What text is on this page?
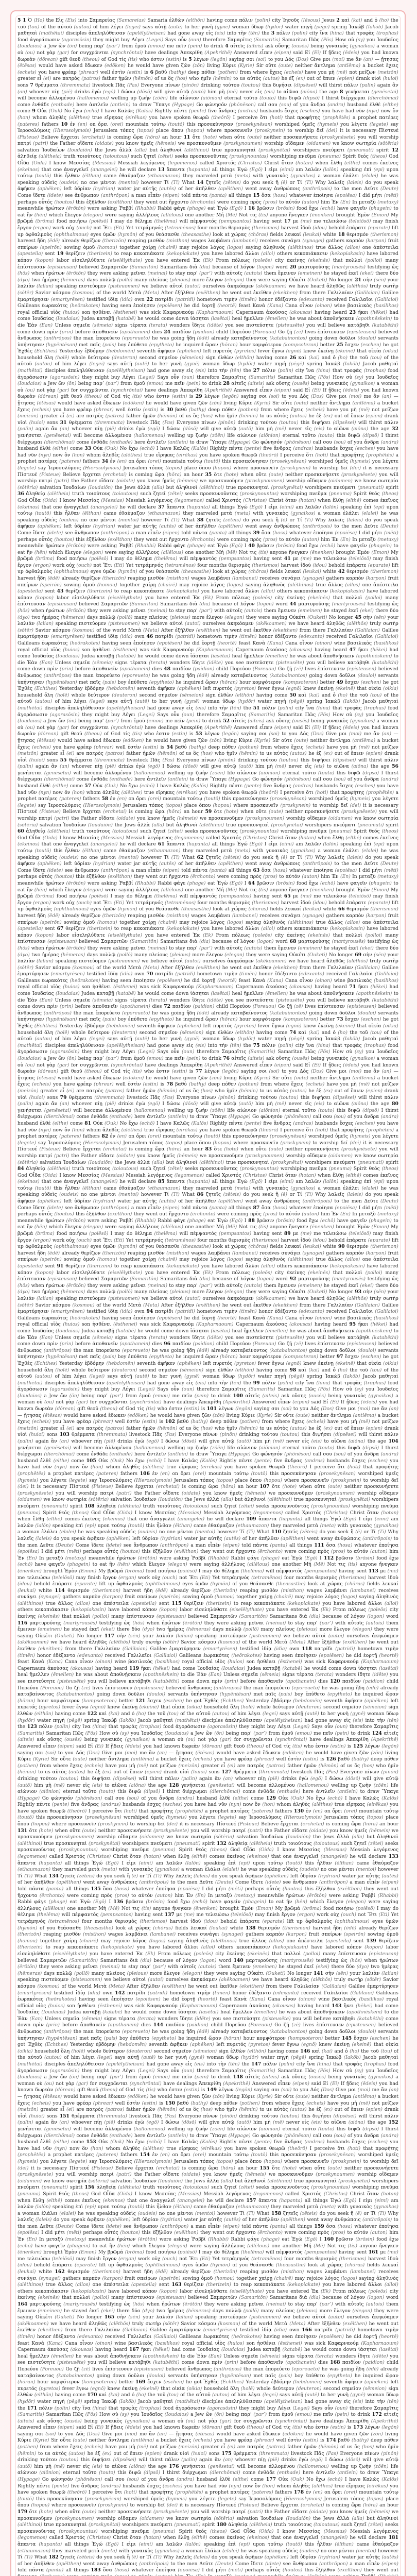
5 1 Ὁ (Ho) the Εἰς (Eis) into Σαμαρείας (Samareias) Samaria ἐλθὼν (elthōn) having come πόλιν (polin) city Ἰησοῦς (Iēsous) Jesus 2 καὶ (kai) and ὁ (ho) the τοῦ (tou) of the αὐτοῦ (autou) of him λέγει (legei) says αὐτῇ (autē) to her γυνὴ (gynē) woman ὕδωρ (hydōr) water πηγὴ (pēgē) spring Ἰακώβ (Iakōb) Jacob μαθηταὶ (mathētai) disciples ἀπεληλύθεισαν (apelēlytheisan) had gone away εἰς (eis) into τὴν (tēn) the 3 πόλιν (polin) city ἵνα (hina) that τροφὰς (trophas) food ἀγοράσωσιν (agorasōsin) they might buy Λέγει (Legei) Says οὖν (oun) therefore Σαμαρῖτις (Samaritis) Samaritan Πῶς (Pōs) How σὺ (sy) you Ἰουδαῖος (Ioudaios) a Jew ὢν (ōn) being παρ’ (par’) from ἐμοῦ (emou) me πεῖν (pein) to drink 4 αἰτεῖς (aiteis) ask οὔσης (ousēs) being γυναικὸς (gynaikos) a woman οὐ (ou) not γὰρ (gar) for συγχρῶνται (synchrōntai) have dealings Ἀπεκρίθη (Apekrithē) Answered εἶπεν (eipen) said Εἰ (Ei) If ᾔδεις (ēdeis) you had known δωρεὰν (dōrean) gift θεοῦ (theou) of God τίς (tis) who ἐστιν (estin) is 5 λέγων (legōn) saying σοι (soi) to you Δός (Dos) Give μοι (moi) me ἂν (an) — ᾔτησας (ētēsas) would have asked ἔδωκεν (edōken) he would have given ζῶν (zōn) living Κύριε (Kyrie) Sir οὔτε (oute) neither ἄντλημα (antlēma) a bucket ἔχεις (echeis) you have φρέαρ (phrear) well ἐστὶν (estin) is 6 βαθύ (bathy) deep πόθεν (pothen) from where ἔχεις (echeis) have you μὴ (mē) not μείζων (meizōn) greater εἶ (ei) are πατρὸς (patros) father ἡμῶν (hēmōn) of us ὃς (hos) who ἡμῖν (hēmin) to us αὐτὸς (autos) he ἐξ (ex) out of ἔπιεν (epien) drank υἱοὶ (huioi) sons 7 θρέμματα (thremmata) livestock Πᾶς (Pas) Everyone πίνων (pinōn) drinking τούτου (toutou) this διψήσει (dipsēsei) will thirst πάλιν (palin) again ἂν (an) whoever πίῃ (piē) drinks ἐγὼ (egō) I δώσω (dōsō) will give αὐτῷ (autō) him μὴ (mē) never εἰς (eis) to αἰῶνα (aiōna) the age 8 γενήσεται (genēsetai) will become ἁλλομένου (hallomenou) welling up ζωὴν (zōēn) life αἰώνιον (aiōnion) eternal τοῦτο (touto) this διψῶ (dipsō) I thirst διέρχωμαι (dierchōmai) come ἐνθάδε (enthade) here ἀντλεῖν (antlein) to draw Ὕπαγε (Hypage) Go φώνησόν (phōnēson) call σου (sou) of you ἄνδρα (andra) husband ἐλθὲ (elthe) come 9 Οὐκ (Ouk) No ἔχω (echō) I have Καλῶς (Kalōs) Rightly πέντε (pente) five ἄνδρας (andras) husbands ἔσχες (esches) you have had νῦν (nyn) now ὃν (hon) whom ἀληθὲς (alēthes) true εἴρηκας (eirēkas) you have spoken θεωρῶ (theōrō) I perceive ὅτι (hoti) that προφήτης (prophētēs) a prophet πατέρες (pateres) fathers 10 ἐν (en) on ὄρει (orei) mountain τούτῳ (toutō) this προσεκύνησαν (prosekynēsan) worshiped ὑμεῖς (hymeis) you λέγετε (legete) say Ἱεροσολύμοις (Hierosolymois) Jerusalem τόπος (topos) place ὅπου (hopou) where προσκυνεῖν (proskynein) to worship δεῖ (dei) it is necessary Πίστευέ (Pisteue) Believe ἔρχεται (erchetai) is coming ὥρα (hōra) an hour 11 ὅτε (hote) when οὔτε (oute) neither προσκυνήσετε (proskynēsete) you will worship πατρί (patri) the Father οἴδατε (oidate) you know ἡμεῖς (hēmeis) we προσκυνοῦμεν (proskynoumen) worship οἴδαμεν (oidamen) we know σωτηρία (sōtēria) salvation Ἰουδαίων (Ioudaiōn) the Jews ἀλλὰ (alla) but ἀληθινοὶ (alēthinoi) true προσκυνηταὶ (proskynētai) worshipers πνεύματι (pneumati) spirit 12 ἀληθείᾳ (alētheia) truth τοιούτους (toioutous) such ζητεῖ (zētei) seeks προσκυνοῦντας (proskynountas) worshiping πνεῦμα (pneuma) Spirit θεός (theos) God Οἶδα (Oida) I know Μεσσίας (Messias) Messiah λεγόμενος (legomenos) called Χριστός (Christos) Christ ὅταν (hotan) when ἔλθῃ (elthē) comes ἐκεῖνος (ekeinos) that one ἀναγγελεῖ (anangelei) he will declare 13 ἅπαντα (hapanta) all things Ἐγώ (Egō) I εἰμι (eimi) am λαλῶν (lalōn) speaking ἐπὶ (epi) upon τούτῳ (toutō) this ἦλθαν (ēlthan) came ἐθαύμαζον (ethaumazon) they marveled μετὰ (meta) with γυναικὸς (gynaikos) a woman ἐλάλει (elalei) he was speaking οὐδεὶς (oudeis) no one μέντοι (mentoi) however Τί (Ti) What 14 ζητεῖς (zēteis) do you seek ἢ (ē) or Τί (Ti) Why λαλεῖς (laleis) do you speak ἀφῆκεν (aphēken) left ὑδρίαν (hydrian) water jar αὐτῆς (autēs) of her ἀπῆλθεν (apēlthen) went away ἀνθρώποις (anthrōpois) to the men Δεῦτε (Deute) Come ἴδετε (idete) see ἄνθρωπον (anthrōpon) a man εἶπέν (eipen) told πάντα (panta) all things 15 ὅσα (hosa) whatever ἐποίησα (epoiēsa) I did μήτι (mēti) perhaps οὗτός (houtos) this ἐξῆλθον (exēlthon) they went out ἤρχοντο (ērchonto) were coming πρὸς (pros) to αὐτόν (auton) him Ἐν (En) In μεταξὺ (metaxy) meanwhile ἠρώτων (ērōtōn) were asking Ῥαββί (Rhabbi) Rabbi φάγε (phage) eat Ἐγὼ (Egō) I 16 βρῶσιν (brōsin) food ἔχω (echō) have φαγεῖν (phagein) to eat ἣν (hēn) which ἔλεγον (elegon) were saying ἀλλήλους (allēlous) one another Μή (Mē) Not τις (tis) anyone ἤνεγκεν (ēnenken) brought Ἐμὸν (Emon) My βρῶμά (brōma) food ποιήσω (poiēsō) I may do θέλημα (thelēma) will πέμψαντός (pempsantos) having sent 17 με (me) me τελειώσω (teleiōsō) may finish ἔργον (ergon) work οὐχ (ouch) not Ἔτι (Eti) Yet τετράμηνός (tetramēnos) four months θερισμὸς (therismos) harvest ἰδοὺ (idou) behold ἐπάρατε (eparate) lift up ὀφθαλμοὺς (ophthalmous) eyes ὑμῶν (hymōn) of you θεάσασθε (theasasthe) look at χώρας (chōras) fields λευκαί (leukai) white 18 θερισμόν (therismon) harvest ἤδη (ēdē) already θερίζων (therizōn) reaping μισθὸν (misthon) wages λαμβάνει (lambanei) receives συνάγει (synagei) gathers καρπὸν (karpon) fruit σπείρων (speirōn) sowing ὁμοῦ (homou) together χαίρῃ (chairē) may rejoice λόγος (logos) saying ἀληθινὸς (alēthinos) true ἄλλος (allos) one ἀπέστειλα (apesteila) sent 19 θερίζειν (therizein) to reap κεκοπιάκατε (kekopiakate) you have labored ἄλλοι (alloi) others κεκοπιάκασιν (kekopiakasin) have labored κόπον (kopon) labor εἰσεληλύθατε (eiselēlythate) you have entered Ἐκ (Ek) From πόλεως (poleōs) city ἐκείνης (ekeinēs) that πολλοὶ (polloi) many ἐπίστευσαν (episteusan) believed Σαμαριτῶν (Samaritōn) Samaritans διὰ (dia) because of λόγον (logon) word 20 μαρτυρούσης (martyrousēs) testifying ὡς (hōs) when ἠρώτων (ērōtōn) they were asking μεῖναι (meinai) to stay παρ’ (par’) with αὐτοῖς (autois) them ἔμεινεν (emeinen) he stayed ἐκεῖ (ekei) there δύο (dyo) two ἡμέρας (hēmeras) days πολλῷ (pollō) many πλείους (pleious) more ἔλεγον (elegon) they were saying Οὐκέτι (Ouketi) No longer 21 σὴν (sēn) your λαλιὰν (lalian) speaking πιστεύομεν (pisteuomen) we believe αὐτοὶ (autoi) ourselves ἀκηκόαμεν (akēkoamen) we have heard ἀληθῶς (alēthōs) truly σωτὴρ (sōtēr) Savior κόσμου (kosmou) of the world Μετὰ (Meta) After ἐξῆλθεν (exēlthen) he went out ἐκεῖθεν (ekeithen) from there Γαλιλαίαν (Galilaian) Galilee ἐμαρτύρησεν (emartyrēsen) testified ἰδίᾳ (idia) own 22 πατρίδι (patridi) hometown τιμὴν (timēn) honor ἐδέξαντο (edexanto) received Γαλιλαῖοι (Galilaioi) Galileans ἑωρακότες (heōrakotes) having seen ἐποίησεν (epoiēsen) he did ἑορτῇ (heortē) feast Κανὰ (Kana) Cana οἶνον (oinon) wine βασιλικὸς (basilikos) royal official υἱὸς (huios) son ἠσθένει (ēsthenei) was sick Καφαρναούμ (Kapharnaoum) Capernaum ἀκούσας (akousas) having heard 23 ἥκει (hēkei) had come Ἰουδαίας (Ioudaias) Judea καταβῇ (katabē) he would come down ἰάσηται (iasētai) heal ἤμελλεν (ēmellen) he was about ἀποθνῄσκειν (apothnēskein) to die Ἐὰν (Ean) Unless σημεῖα (sēmeia) signs τέρατα (terata) wonders ἴδητε (idēte) you see πιστεύσητε (pisteusēte) you will believe κατάβηθι (katabēthi) come down πρὶν (prin) before ἀποθανεῖν (apothanein) dies 24 παιδίον (paidion) child Πορεύου (Poreuou) Go ζῇ (zē) lives ἐπίστευσεν (episteusen) believed ἄνθρωπος (anthrōpos) the man ἐπορεύετο (eporeueto) he was going ἤδη (ēdē) already καταβαίνοντος (katabainontos) going down δοῦλοι (douloi) servants ὑπήντησαν (hypēntēsan) met παῖς (pais) boy ἐπύθετο (epytheto) he inquired ὥραν (hōran) hour κομψότερον (kompsoteron) better 25 ἔσχεν (eschen) he got Ἐχθὲς (Echthes) Yesterday ἑβδόμην (hebdomēn) seventh ἀφῆκεν (aphēken) left πυρετός (pyretos) fever ἔγνω (egnō) knew ἐκείνῃ (ekeinē) that οἰκία (oikia) household ὅλη (holē) whole δεύτερον (deuteron) second σημεῖον (sēmeion) sign ἐλθὼν (elthōn) having come 26 καὶ (kai) and ὁ (ho) the τοῦ (tou) of the αὐτοῦ (autou) of him λέγει (legei) says αὐτῇ (autē) to her γυνὴ (gynē) woman ὕδωρ (hydōr) water πηγὴ (pēgē) spring Ἰακώβ (Iakōb) Jacob μαθηταὶ (mathētai) disciples ἀπεληλύθεισαν (apelēlytheisan) had gone away εἰς (eis) into τὴν (tēn) the 27 πόλιν (polin) city ἵνα (hina) that τροφὰς (trophas) food ἀγοράσωσιν (agorasōsin) they might buy Λέγει (Legei) Says οὖν (oun) therefore Σαμαρῖτις (Samaritis) Samaritan Πῶς (Pōs) How σὺ (sy) you Ἰουδαῖος (Ioudaios) a Jew ὢν (ōn) being παρ’ (par’) from ἐμοῦ (emou) me πεῖν (pein) to drink 28 αἰτεῖς (aiteis) ask οὔσης (ousēs) being γυναικὸς (gynaikos) a woman οὐ (ou) not γὰρ (gar) for συγχρῶνται (synchrōntai) have dealings Ἀπεκρίθη (Apekrithē) Answered εἶπεν (eipen) said Εἰ (Ei) If ᾔδεις (ēdeis) you had known δωρεὰν (dōrean) gift θεοῦ (theou) of God τίς (tis) who ἐστιν (estin) is 29 λέγων (legōn) saying σοι (soi) to you Δός (Dos) Give μοι (moi) me ἂν (an) — ᾔτησας (ētēsas) would have asked ἔδωκεν (edōken) he would have given ζῶν (zōn) living Κύριε (Kyrie) Sir οὔτε (oute) neither ἄντλημα (antlēma) a bucket ἔχεις (echeis) you have φρέαρ (phrear) well ἐστὶν (estin) is 30 βαθύ (bathy) deep πόθεν (pothen) from where ἔχεις (echeis) have you μὴ (mē) not μείζων (meizōn) greater εἶ (ei) are πατρὸς (patros) father ἡμῶν (hēmōn) of us ὃς (hos) who ἡμῖν (hēmin) to us αὐτὸς (autos) he ἐξ (ex) out of ἔπιεν (epien) drank υἱοὶ (huioi) sons 31 θρέμματα (thremmata) livestock Πᾶς (Pas) Everyone πίνων (pinōn) drinking τούτου (toutou) this διψήσει (dipsēsei) will thirst πάλιν (palin) again ἂν (an) whoever πίῃ (piē) drinks ἐγὼ (egō) I δώσω (dōsō) will give αὐτῷ (autō) him μὴ (mē) never εἰς (eis) to αἰῶνα (aiōna) the age 32 γενήσεται (genēsetai) will become ἁλλομένου (hallomenou) welling up ζωὴν (zōēn) life αἰώνιον (aiōnion) eternal τοῦτο (touto) this διψῶ (dipsō) I thirst διέρχωμαι (dierchōmai) come ἐνθάδε (enthade) here ἀντλεῖν (antlein) to draw Ὕπαγε (Hypage) Go φώνησόν (phōnēson) call σου (sou) of you ἄνδρα (andra) husband ἐλθὲ (elthe) come 33 Οὐκ (Ouk) No ἔχω (echō) I have Καλῶς (Kalōs) Rightly πέντε (pente) five ἄνδρας (andras) husbands ἔσχες (esches) you have had νῦν (nyn) now ὃν (hon) whom ἀληθὲς (alēthes) true εἴρηκας (eirēkas) you have spoken θεωρῶ (theōrō) I perceive ὅτι (hoti) that προφήτης (prophētēs) a prophet πατέρες (pateres) fathers 34 ἐν (en) on ὄρει (orei) mountain τούτῳ (toutō) this προσεκύνησαν (prosekynēsan) worshiped ὑμεῖς (hymeis) you λέγετε (legete) say Ἱεροσολύμοις (Hierosolymois) Jerusalem τόπος (topos) place ὅπου (hopou) where προσκυνεῖν (proskynein) to worship δεῖ (dei) it is necessary Πίστευέ (Pisteue) Believe ἔρχεται (erchetai) is coming ὥρα (hōra) an hour 35 ὅτε (hote) when οὔτε (oute) neither προσκυνήσετε (proskynēsete) you will worship πατρί (patri) the Father οἴδατε (oidate) you know ἡμεῖς (hēmeis) we προσκυνοῦμεν (proskynoumen) worship οἴδαμεν (oidamen) we know σωτηρία (sōtēria) salvation Ἰουδαίων (Ioudaiōn) the Jews ἀλλὰ (alla) but ἀληθινοὶ (alēthinoi) true προσκυνηταὶ (proskynētai) worshipers πνεύματι (pneumati) spirit 36 ἀληθείᾳ (alētheia) truth τοιούτους (toioutous) such ζητεῖ (zētei) seeks προσκυνοῦντας (proskynountas) worshiping πνεῦμα (pneuma) Spirit θεός (theos) God Οἶδα (Oida) I know Μεσσίας (Messias) Messiah λεγόμενος (legomenos) called Χριστός (Christos) Christ ὅταν (hotan) when ἔλθῃ (elthē) comes ἐκεῖνος (ekeinos) that one ἀναγγελεῖ (anangelei) he will declare 37 ἅπαντα (hapanta) all things Ἐγώ (Egō) I εἰμι (eimi) am λαλῶν (lalōn) speaking ἐπὶ (epi) upon τούτῳ (toutō) this ἦλθαν (ēlthan) came ἐθαύμαζον (ethaumazon) they marveled μετὰ (meta) with γυναικὸς (gynaikos) a woman ἐλάλει (elalei) he was speaking οὐδεὶς (oudeis) no one μέντοι (mentoi) however Τί (Ti) What 38 ζητεῖς (zēteis) do you seek ἢ (ē) or Τί (Ti) Why λαλεῖς (laleis) do you speak ἀφῆκεν (aphēken) left ὑδρίαν (hydrian) water jar αὐτῆς (autēs) of her ἀπῆλθεν (apēlthen) went away ἀνθρώποις (anthrōpois) to the men Δεῦτε (Deute) Come ἴδετε (idete) see ἄνθρωπον (anthrōpon) a man εἶπέν (eipen) told πάντα (panta) all things 39 ὅσα (hosa) whatever ἐποίησα (epoiēsa) I did μήτι (mēti) perhaps οὗτός (houtos) this ἐξῆλθον (exēlthon) they went out ἤρχοντο (ērchonto) were coming πρὸς (pros) to αὐτόν (auton) him Ἐν (En) In μεταξὺ (metaxy) meanwhile ἠρώτων (ērōtōn) were asking Ῥαββί (Rhabbi) Rabbi φάγε (phage) eat Ἐγὼ (Egō) I 40 βρῶσιν (brōsin) food ἔχω (echō) have φαγεῖν (phagein) to eat ἣν (hēn) which ἔλεγον (elegon) were saying ἀλλήλους (allēlous) one another Μή (Mē) Not τις (tis) anyone ἤνεγκεν (ēnenken) brought Ἐμὸν (Emon) My βρῶμά (brōma) food ποιήσω (poiēsō) I may do θέλημα (thelēma) will πέμψαντός (pempsantos) having sent 41 με (me) me τελειώσω (teleiōsō) may finish ἔργον (ergon) work οὐχ (ouch) not Ἔτι (Eti) Yet τετράμηνός (tetramēnos) four months θερισμὸς (therismos) harvest ἰδοὺ (idou) behold ἐπάρατε (eparate) lift up ὀφθαλμοὺς (ophthalmous) eyes ὑμῶν (hymōn) of you θεάσασθε (theasasthe) look at χώρας (chōras) fields λευκαί (leukai) white 42 θερισμόν (therismon) harvest ἤδη (ēdē) already θερίζων (therizōn) reaping μισθὸν (misthon) wages λαμβάνει (lambanei) receives συνάγει (synagei) gathers καρπὸν (karpon) fruit σπείρων (speirōn) sowing ὁμοῦ (homou) together χαίρῃ (chairē) may rejoice λόγος (logos) saying ἀληθινὸς (alēthinos) true ἄλλος (allos) one ἀπέστειλα (apesteila) sent 43 θερίζειν (therizein) to reap κεκοπιάκατε (kekopiakate) you have labored ἄλλοι (alloi) others κεκοπιάκασιν (kekopiakasin) have labored κόπον (kopon) labor εἰσεληλύθατε (eiselēlythate) you have entered Ἐκ (Ek) From πόλεως (poleōs) city ἐκείνης (ekeinēs) that πολλοὶ (polloi) many ἐπίστευσαν (episteusan) believed Σαμαριτῶν (Samaritōn) Samaritans διὰ (dia) because of λόγον (logon) word 44 μαρτυρούσης (martyrousēs) testifying ὡς (hōs) when ἠρώτων (ērōtōn) they were asking μεῖναι (meinai) to stay παρ’ (par’) with αὐτοῖς (autois) them ἔμεινεν (emeinen) he stayed ἐκεῖ (ekei) there δύο (dyo) two ἡμέρας (hēmeras) days πολλῷ (pollō) many πλείους (pleious) more ἔλεγον (elegon) they were saying Οὐκέτι (Ouketi) No longer 45 σὴν (sēn) your λαλιὰν (lalian) speaking πιστεύομεν (pisteuomen) we believe αὐτοὶ (autoi) ourselves ἀκηκόαμεν (akēkoamen) we have heard ἀληθῶς (alēthōs) truly σωτὴρ (sōtēr) Savior κόσμου (kosmou) of the world Μετὰ (Meta) After ἐξῆλθεν (exēlthen) he went out ἐκεῖθεν (ekeithen) from there Γαλιλαίαν (Galilaian) Galilee ἐμαρτύρησεν (emartyrēsen) testified ἰδίᾳ (idia) own 46 πατρίδι (patridi) hometown τιμὴν (timēn) honor ἐδέξαντο (edexanto) received Γαλιλαῖοι (Galilaioi) Galileans ἑωρακότες (heōrakotes) having seen ἐποίησεν (epoiēsen) he did ἑορτῇ (heortē) feast Κανὰ (Kana) Cana οἶνον (oinon) wine βασιλικὸς (basilikos) royal official υἱὸς (huios) son ἠσθένει (ēsthenei) was sick Καφαρναούμ (Kapharnaoum) Capernaum ἀκούσας (akousas) having heard 47 ἥκει (hēkei) had come Ἰουδαίας (Ioudaias) Judea καταβῇ (katabē) he would come down ἰάσηται (iasētai) heal ἤμελλεν (ēmellen) he was about ἀποθνῄσκειν (apothnēskein) to die Ἐὰν (Ean) Unless σημεῖα (sēmeia) signs τέρατα (terata) wonders ἴδητε (idēte) you see πιστεύσητε (pisteusēte) you will believe κατάβηθι (katabēthi) come down πρὶν (prin) before ἀποθανεῖν (apothanein) dies 48 παιδίον (paidion) child Πορεύου (Poreuou) Go ζῇ (zē) lives ἐπίστευσεν (episteusen) believed ἄνθρωπος (anthrōpos) the man ἐπορεύετο (eporeueto) he was going ἤδη (ēdē) already καταβαίνοντος (katabainontos) going down δοῦλοι (douloi) servants ὑπήντησαν (hypēntēsan) met παῖς (pais) boy ἐπύθετο (epytheto) he inquired ὥραν (hōran) hour κομψότερον (kompsoteron) better 49 ἔσχεν (eschen) he got Ἐχθὲς (Echthes) Yesterday ἑβδόμην (hebdomēn) seventh ἀφῆκεν (aphēken) left πυρετός (pyretos) fever ἔγνω (egnō) knew ἐκείνῃ (ekeinē) that οἰκία (oikia) household ὅλη (holē) whole δεύτερον (deuteron) second σημεῖον (sēmeion) sign ἐλθὼν (elthōn) having come 50 καὶ (kai) and ὁ (ho) the τοῦ (tou) of the αὐτοῦ (autou) of him λέγει (legei) says αὐτῇ (autē) to her γυνὴ (gynē) woman ὕδωρ (hydōr) water πηγὴ (pēgē) spring Ἰακώβ (Iakōb) Jacob μαθηταὶ (mathētai) disciples ἀπεληλύθεισαν (apelēlytheisan) had gone away εἰς (eis) into τὴν (tēn) the 51 πόλιν (polin) city ἵνα (hina) that τροφὰς (trophas) food ἀγοράσωσιν (agorasōsin) they might buy Λέγει (Legei) Says οὖν (oun) therefore Σαμαρῖτις (Samaritis) Samaritan Πῶς (Pōs) How σὺ (sy) you Ἰουδαῖος (Ioudaios) a Jew ὢν (ōn) being παρ’ (par’) from ἐμοῦ (emou) me πεῖν (pein) to drink 52 αἰτεῖς (aiteis) ask οὔσης (ousēs) being γυναικὸς (gynaikos) a woman οὐ (ou) not γὰρ (gar) for συγχρῶνται (synchrōntai) have dealings Ἀπεκρίθη (Apekrithē) Answered εἶπεν (eipen) said Εἰ (Ei) If ᾔδεις (ēdeis) you had known δωρεὰν (dōrean) gift θεοῦ (theou) of God τίς (tis) who ἐστιν (estin) is 53 λέγων (legōn) saying σοι (soi) to you Δός (Dos) Give μοι (moi) me ἂν (an) — ᾔτησας (ētēsas) would have asked ἔδωκεν (edōken) he would have given ζῶν (zōn) living Κύριε (Kyrie) Sir οὔτε (oute) neither ἄντλημα (antlēma) a bucket ἔχεις (echeis) you have φρέαρ (phrear) well ἐστὶν (estin) is 54 βαθύ (bathy) deep πόθεν (pothen) from where ἔχεις (echeis) have you μὴ (mē) not μείζων (meizōn) greater εἶ (ei) are πατρὸς (patros) father ἡμῶν (hēmōn) of us ὃς (hos) who ἡμῖν (hēmin) to us αὐτὸς (autos) he ἐξ (ex) out of ἔπιεν (epien) drank υἱοὶ (huioi) sons 55 θρέμματα (thremmata) livestock Πᾶς (Pas) Everyone πίνων (pinōn) drinking τούτου (toutou) this διψήσει (dipsēsei) will thirst πάλιν (palin) again ἂν (an) whoever πίῃ (piē) drinks ἐγὼ (egō) I δώσω (dōsō) will give αὐτῷ (autō) him μὴ (mē) never εἰς (eis) to αἰῶνα (aiōna) the age 56 γενήσεται (genēsetai) will become ἁλλομένου (hallomenou) welling up ζωὴν (zōēn) life αἰώνιον (aiōnion) eternal τοῦτο (touto) this διψῶ (dipsō) I thirst διέρχωμαι (dierchōmai) come ἐνθάδε (enthade) here ἀντλεῖν (antlein) to draw Ὕπαγε (Hypage) Go φώνησόν (phōnēson) call σου (sou) of you ἄνδρα (andra) husband ἐλθὲ (elthe) come 57 Οὐκ (Ouk) No ἔχω (echō) I have Καλῶς (Kalōs) Rightly πέντε (pente) five ἄνδρας (andras) husbands ἔσχες (esches) you have had νῦν (nyn) now ὃν (hon) whom ἀληθὲς (alēthes) true εἴρηκας (eirēkas) you have spoken θεωρῶ (theōrō) I perceive ὅτι (hoti) that προφήτης (prophētēs) a prophet πατέρες (pateres) fathers 58 ἐν (en) on ὄρει (orei) mountain τούτῳ (toutō) this προσεκύνησαν (prosekynēsan) worshiped ὑμεῖς (hymeis) you λέγετε (legete) say Ἱεροσολύμοις (Hierosolymois) Jerusalem τόπος (topos) place ὅπου (hopou) where προσκυνεῖν (proskynein) to worship δεῖ (dei) it is necessary Πίστευέ (Pisteue) Believe ἔρχεται (erchetai) is coming ὥρα (hōra) an hour 59 ὅτε (hote) when οὔτε (oute) neither προσκυνήσετε (proskynēsete) you will worship πατρί (patri) the Father οἴδατε (oidate) you know ἡμεῖς (hēmeis) we προσκυνοῦμεν (proskynoumen) worship οἴδαμεν (oidamen) we know σωτηρία (sōtēria) salvation Ἰουδαίων (Ioudaiōn) the Jews ἀλλὰ (alla) but ἀληθινοὶ (alēthinoi) true προσκυνηταὶ (proskynētai) worshipers πνεύματι (pneumati) spirit 60 ἀληθείᾳ (alētheia) truth τοιούτους (toioutous) such ζητεῖ (zētei) seeks προσκυνοῦντας (proskynountas) worshiping πνεῦμα (pneuma) Spirit θεός (theos) God Οἶδα (Oida) I know Μεσσίας (Messias) Messiah λεγόμενος (legomenos) called Χριστός (Christos) Christ ὅταν (hotan) when ἔλθῃ (elthē) comes ἐκεῖνος (ekeinos) that one ἀναγγελεῖ (anangelei) he will declare 61 ἅπαντα (hapanta) all things Ἐγώ (Egō) I εἰμι (eimi) am λαλῶν (lalōn) speaking ἐπὶ (epi) upon τούτῳ (toutō) this ἦλθαν (ēlthan) came ἐθαύμαζον (ethaumazon) they marveled μετὰ (meta) with γυναικὸς (gynaikos) a woman ἐλάλει (elalei) he was speaking οὐδεὶς (oudeis) no one μέντοι (mentoi) however Τί (Ti) What 62 ζητεῖς (zēteis) do you seek ἢ (ē) or Τί (Ti) Why λαλεῖς (laleis) do you speak ἀφῆκεν (aphēken) left ὑδρίαν (hydrian) water jar αὐτῆς (autēs) of her ἀπῆλθεν (apēlthen) went away ἀνθρώποις (anthrōpois) to the men Δεῦτε (Deute) Come ἴδετε (idete) see ἄνθρωπον (anthrōpon) a man εἶπέν (eipen) told πάντα (panta) all things 63 ὅσα (hosa) whatever ἐποίησα (epoiēsa) I did μήτι (mēti) perhaps οὗτός (houtos) this ἐξῆλθον (exēlthon) they went out ἤρχοντο (ērchonto) were coming πρὸς (pros) to αὐτόν (auton) him Ἐν (En) In μεταξὺ (metaxy) meanwhile ἠρώτων (ērōtōn) were asking Ῥαββί (Rhabbi) Rabbi φάγε (phage) eat Ἐγὼ (Egō) I 64 βρῶσιν (brōsin) food ἔχω (echō) have φαγεῖν (phagein) to eat ἣν (hēn) which ἔλεγον (elegon) were saying ἀλλήλους (allēlous) one another Μή (Mē) Not τις (tis) anyone ἤνεγκεν (ēnenken) brought Ἐμὸν (Emon) My βρῶμά (brōma) food ποιήσω (poiēsō) I may do θέλημα (thelēma) will πέμψαντός (pempsantos) having sent 65 με (me) me τελειώσω (teleiōsō) may finish ἔργον (ergon) work οὐχ (ouch) not Ἔτι (Eti) Yet τετράμηνός (tetramēnos) four months θερισμὸς (therismos) harvest ἰδοὺ (idou) behold ἐπάρατε (eparate) lift up ὀφθαλμοὺς (ophthalmous) eyes ὑμῶν (hymōn) of you θεάσασθε (theasasthe) look at χώρας (chōras) fields λευκαί (leukai) white 66 θερισμόν (therismon) harvest ἤδη (ēdē) already θερίζων (therizōn) reaping μισθὸν (misthon) wages λαμβάνει (lambanei) receives συνάγει (synagei) gathers καρπὸν (karpon) fruit σπείρων (speirōn) sowing ὁμοῦ (homou) together χαίρῃ (chairē) may rejoice λόγος (logos) saying ἀληθινὸς (alēthinos) true ἄλλος (allos) one ἀπέστειλα (apesteila) sent 67 θερίζειν (therizein) to reap κεκοπιάκατε (kekopiakate) you have labored ἄλλοι (alloi) others κεκοπιάκασιν (kekopiakasin) have labored κόπον (kopon) labor εἰσεληλύθατε (eiselēlythate) you have entered Ἐκ (Ek) From πόλεως (poleōs) city ἐκείνης (ekeinēs) that πολλοὶ (polloi) many ἐπίστευσαν (episteusan) believed Σαμαριτῶν (Samaritōn) Samaritans διὰ (dia) because of λόγον (logon) word 68 μαρτυρούσης (martyrousēs) testifying ὡς (hōs) when ἠρώτων (ērōtōn) they were asking μεῖναι (meinai) to stay παρ’ (par’) with αὐτοῖς (autois) them ἔμεινεν (emeinen) he stayed ἐκεῖ (ekei) there δύο (dyo) two ἡμέρας (hēmeras) days πολλῷ (pollō) many πλείους (pleious) more ἔλεγον (elegon) they were saying Οὐκέτι (Ouketi) No longer 69 σὴν (sēn) your λαλιὰν (lalian) speaking πιστεύομεν (pisteuomen) we believe αὐτοὶ (autoi) ourselves ἀκηκόαμεν (akēkoamen) we have heard ἀληθῶς (alēthōs) truly σωτὴρ (sōtēr) Savior κόσμου (kosmou) of the world Μετὰ (Meta) After ἐξῆλθεν (exēlthen) he went out ἐκεῖθεν (ekeithen) from there Γαλιλαίαν (Galilaian) Galilee ἐμαρτύρησεν (emartyrēsen) testified ἰδίᾳ (idia) own 70 πατρίδι (patridi) hometown τιμὴν (timēn) honor ἐδέξαντο (edexanto) received Γαλιλαῖοι (Galilaioi) Galileans ἑωρακότες (heōrakotes) having seen ἐποίησεν (epoiēsen) he did ἑορτῇ (heortē) feast Κανὰ (Kana) Cana οἶνον (oinon) wine βασιλικὸς (basilikos) royal official υἱὸς (huios) son ἠσθένει (ēsthenei) was sick Καφαρναούμ (Kapharnaoum) Capernaum ἀκούσας (akousas) having heard 71 ἥκει (hēkei) had come Ἰουδαίας (Ioudaias) Judea καταβῇ (katabē) he would come down ἰάσηται (iasētai) heal ἤμελλεν (ēmellen) he was about ἀποθνῄσκειν (apothnēskein) to die Ἐὰν (Ean) Unless σημεῖα (sēmeia) signs τέρατα (terata) wonders ἴδητε (idēte) you see πιστεύσητε (pisteusēte) you will believe κατάβηθι (katabēthi) come down πρὶν (prin) before ἀποθανεῖν (apothanein) dies 72 παιδίον (paidion) child Πορεύου (Poreuou) Go ζῇ (zē) lives ἐπίστευσεν (episteusen) believed ἄνθρωπος (anthrōpos) the man ἐπορεύετο (eporeueto) he was going ἤδη (ēdē) already καταβαίνοντος (katabainontos) going down δοῦλοι (douloi) servants ὑπήντησαν (hypēntēsan) met παῖς (pais) boy ἐπύθετο (epytheto) he inquired ὥραν (hōran) hour κομψότερον (kompsoteron) better 73 ἔσχεν (eschen) he got Ἐχθὲς (Echthes) Yesterday ἑβδόμην (hebdomēn) seventh ἀφῆκεν (aphēken) left πυρετός (pyretos) fever ἔγνω (egnō) knew ἐκείνῃ (ekeinē) that οἰκία (oikia) household ὅλη (holē) whole δεύτερον (deuteron) second σημεῖον (sēmeion) sign ἐλθὼν (elthōn) having come 74 καὶ (kai) and ὁ (ho) the τοῦ (tou) of the αὐτοῦ (autou) of him λέγει (legei) says αὐτῇ (autē) to her γυνὴ (gynē) woman ὕδωρ (hydōr) water πηγὴ (pēgē) spring Ἰακώβ (Iakōb) Jacob μαθηταὶ (mathētai) disciples ἀπεληλύθεισαν (apelēlytheisan) had gone away εἰς (eis) into τὴν (tēn) the 75 πόλιν (polin) city ἵνα (hina) that τροφὰς (trophas) food ἀγοράσωσιν (agorasōsin) they might buy Λέγει (Legei) Says οὖν (oun) therefore Σαμαρῖτις (Samaritis) Samaritan Πῶς (Pōs) How σὺ (sy) you Ἰουδαῖος (Ioudaios) a Jew ὢν (ōn) being παρ’ (par’) from ἐμοῦ (emou) me πεῖν (pein) to drink 76 αἰτεῖς (aiteis) ask οὔσης (ousēs) being γυναικὸς (gynaikos) a woman οὐ (ou) not γὰρ (gar) for συγχρῶνται (synchrōntai) have dealings Ἀπεκρίθη (Apekrithē) Answered εἶπεν (eipen) said Εἰ (Ei) If ᾔδεις (ēdeis) you had known δωρεὰν (dōrean) gift θεοῦ (theou) of God τίς (tis) who ἐστιν (estin) is 77 λέγων (legōn) saying σοι (soi) to you Δός (Dos) Give μοι (moi) me ἂν (an) — ᾔτησας (ētēsas) would have asked ἔδωκεν (edōken) he would have given ζῶν (zōn) living Κύριε (Kyrie) Sir οὔτε (oute) neither ἄντλημα (antlēma) a bucket ἔχεις (echeis) you have φρέαρ (phrear) well ἐστὶν (estin) is 78 βαθύ (bathy) deep πόθεν (pothen) from where ἔχεις (echeis) have you μὴ (mē) not μείζων (meizōn) greater εἶ (ei) are πατρὸς (patros) father ἡμῶν (hēmōn) of us ὃς (hos) who ἡμῖν (hēmin) to us αὐτὸς (autos) he ἐξ (ex) out of ἔπιεν (epien) drank υἱοὶ (huioi) sons 79 θρέμματα (thremmata) livestock Πᾶς (Pas) Everyone πίνων (pinōn) drinking τούτου (toutou) this διψήσει (dipsēsei) will thirst πάλιν (palin) again ἂν (an) whoever πίῃ (piē) drinks ἐγὼ (egō) I δώσω (dōsō) will give αὐτῷ (autō) him μὴ (mē) never εἰς (eis) to αἰῶνα (aiōna) the age 80 γενήσεται (genēsetai) will become ἁλλομένου (hallomenou) welling up ζωὴν (zōēn) life αἰώνιον (aiōnion) eternal τοῦτο (touto) this διψῶ (dipsō) I thirst διέρχωμαι (dierchōmai) come ἐνθάδε (enthade) here ἀντλεῖν (antlein) to draw Ὕπαγε (Hypage) Go φώνησόν (phōnēson) call σου (sou) of you ἄνδρα (andra) husband ἐλθὲ (elthe) come 81 Οὐκ (Ouk) No ἔχω (echō) I have Καλῶς (Kalōs) Rightly πέντε (pente) five ἄνδρας (andras) husbands ἔσχες (esches) you have had νῦν (nyn) now ὃν (hon) whom ἀληθὲς (alēthes) true εἴρηκας (eirēkas) you have spoken θεωρῶ (theōrō) I perceive ὅτι (hoti) that προφήτης (prophētēs) a prophet πατέρες (pateres) fathers 82 ἐν (en) on ὄρει (orei) mountain τούτῳ (toutō) this προσεκύνησαν (prosekynēsan) worshiped ὑμεῖς (hymeis) you λέγετε (legete) say Ἱεροσολύμοις (Hierosolymois) Jerusalem τόπος (topos) place ὅπου (hopou) where προσκυνεῖν (proskynein) to worship δεῖ (dei) it is necessary Πίστευέ (Pisteue) Believe ἔρχεται (erchetai) is coming ὥρα (hōra) an hour 83 ὅτε (hote) when οὔτε (oute) neither προσκυνήσετε (proskynēsete) you will worship πατρί (patri) the Father οἴδατε (oidate) you know ἡμεῖς (hēmeis) we προσκυνοῦμεν (proskynoumen) worship οἴδαμεν (oidamen) we know σωτηρία (sōtēria) salvation Ἰουδαίων (Ioudaiōn) the Jews ἀλλὰ (alla) but ἀληθινοὶ (alēthinoi) true προσκυνηταὶ (proskynētai) worshipers πνεύματι (pneumati) spirit 84 ἀληθείᾳ (alētheia) truth τοιούτους (toioutous) such ζητεῖ (zētei) seeks προσκυνοῦντας (proskynountas) worshiping πνεῦμα (pneuma) Spirit θεός (theos) God Οἶδα (Oida) I know Μεσσίας (Messias) Messiah λεγόμενος (legomenos) called Χριστός (Christos) Christ ὅταν (hotan) when ἔλθῃ (elthē) comes ἐκεῖνος (ekeinos) that one ἀναγγελεῖ (anangelei) he will declare 85 ἅπαντα (hapanta) all things Ἐγώ (Egō) I εἰμι (eimi) am λαλῶν (lalōn) speaking ἐπὶ (epi) upon τούτῳ (toutō) this ἦλθαν (ēlthan) came ἐθαύμαζον (ethaumazon) they marveled μετὰ (meta) with γυναικὸς (gynaikos) a woman ἐλάλει (elalei) he was speaking οὐδεὶς (oudeis) no one μέντοι (mentoi) however Τί (Ti) What 86 ζητεῖς (zēteis) do you seek ἢ (ē) or Τί (Ti) Why λαλεῖς (laleis) do you speak ἀφῆκεν (aphēken) left ὑδρίαν (hydrian) water jar αὐτῆς (autēs) of her ἀπῆλθεν (apēlthen) went away ἀνθρώποις (anthrōpois) to the men Δεῦτε (Deute) Come ἴδετε (idete) see ἄνθρωπον (anthrōpon) a man εἶπέν (eipen) told πάντα (panta) all things 87 ὅσα (hosa) whatever ἐποίησα (epoiēsa) I did μήτι (mēti) perhaps οὗτός (houtos) this ἐξῆλθον (exēlthon) they went out ἤρχοντο (ērchonto) were coming πρὸς (pros) to αὐτόν (auton) him Ἐν (En) In μεταξὺ (metaxy) meanwhile ἠρώτων (ērōtōn) were asking Ῥαββί (Rhabbi) Rabbi φάγε (phage) eat Ἐγὼ (Egō) I 88 βρῶσιν (brōsin) food ἔχω (echō) have φαγεῖν (phagein) to eat ἣν (hēn) which ἔλεγον (elegon) were saying ἀλλήλους (allēlous) one another Μή (Mē) Not τις (tis) anyone ἤνεγκεν (ēnenken) brought Ἐμὸν (Emon) My βρῶμά (brōma) food ποιήσω (poiēsō) I may do θέλημα (thelēma) will πέμψαντός (pempsantos) having sent 89 με (me) me τελειώσω (teleiōsō) may finish ἔργον (ergon) work οὐχ (ouch) not Ἔτι (Eti) Yet τετράμηνός (tetramēnos) four months θερισμὸς (therismos) harvest ἰδοὺ (idou) behold ἐπάρατε (eparate) lift up ὀφθαλμοὺς (ophthalmous) eyes ὑμῶν (hymōn) of you θεάσασθε (theasasthe) look at χώρας (chōras) fields λευκαί (leukai) white 90 θερισμόν (therismon) harvest ἤδη (ēdē) already θερίζων (therizōn) reaping μισθὸν (misthon) wages λαμβάνει (lambanei) receives συνάγει (synagei) gathers καρπὸν (karpon) fruit σπείρων (speirōn) sowing ὁμοῦ (homou) together χαίρῃ (chairē) may rejoice λόγος (logos) saying ἀληθινὸς (alēthinos) true ἄλλος (allos) one ἀπέστειλα (apesteila) sent 91 θερίζειν (therizein) to reap κεκοπιάκατε (kekopiakate) you have labored ἄλλοι (alloi) others κεκοπιάκασιν (kekopiakasin) have labored κόπον (kopon) labor εἰσεληλύθατε (eiselēlythate) you have entered Ἐκ (Ek) From πόλεως (poleōs) city ἐκείνης (ekeinēs) that πολλοὶ (polloi) many ἐπίστευσαν (episteusan) believed Σαμαριτῶν (Samaritōn) Samaritans διὰ (dia) because of λόγον (logon) word 92 μαρτυρούσης (martyrousēs) testifying ὡς (hōs) when ἠρώτων (ērōtōn) they were asking μεῖναι (meinai) to stay παρ’ (par’) with αὐτοῖς (autois) them ἔμεινεν (emeinen) he stayed ἐκεῖ (ekei) there δύο (dyo) two ἡμέρας (hēmeras) days πολλῷ (pollō) many πλείους (pleious) more ἔλεγον (elegon) they were saying Οὐκέτι (Ouketi) No longer 93 σὴν (sēn) your λαλιὰν (lalian) speaking πιστεύομεν (pisteuomen) we believe αὐτοὶ (autoi) ourselves ἀκηκόαμεν (akēkoamen) we have heard ἀληθῶς (alēthōs) truly σωτὴρ (sōtēr) Savior κόσμου (kosmou) of the world Μετὰ (Meta) After ἐξῆλθεν (exēlthen) he went out ἐκεῖθεν (ekeithen) from there Γαλιλαίαν (Galilaian) Galilee ἐμαρτύρησεν (emartyrēsen) testified ἰδίᾳ (idia) own 94 πατρίδι (patridi) hometown τιμὴν (timēn) honor ἐδέξαντο (edexanto) received Γαλιλαῖοι (Galilaioi) Galileans ἑωρακότες (heōrakotes) having seen ἐποίησεν (epoiēsen) he did ἑορτῇ (heortē) feast Κανὰ (Kana) Cana οἶνον (oinon) wine βασιλικὸς (basilikos) royal official υἱὸς (huios) son ἠσθένει (ēsthenei) was sick Καφαρναούμ (Kapharnaoum) Capernaum ἀκούσας (akousas) having heard 95 ἥκει (hēkei) had come Ἰουδαίας (Ioudaias) Judea καταβῇ (katabē) he would come down ἰάσηται (iasētai) heal ἤμελλεν (ēmellen) he was about ἀποθνῄσκειν (apothnēskein) to die Ἐὰν (Ean) Unless σημεῖα (sēmeia) signs τέρατα (terata) wonders ἴδητε (idēte) you see πιστεύσητε (pisteusēte) you will believe κατάβηθι (katabēthi) come down πρὶν (prin) before ἀποθανεῖν (apothanein) dies 96 παιδίον (paidion) child Πορεύου (Poreuou) Go ζῇ (zē) lives ἐπίστευσεν (episteusen) believed ἄνθρωπος (anthrōpos) the man ἐπορεύετο (eporeueto) he was going ἤδη (ēdē) already καταβαίνοντος (katabainontos) going down δοῦλοι (douloi) servants ὑπήντησαν (hypēntēsan) met παῖς (pais) boy ἐπύθετο (epytheto) he inquired ὥραν (hōran) hour κομψότερον (kompsoteron) better 97 ἔσχεν (eschen) he got Ἐχθὲς (Echthes) Yesterday ἑβδόμην (hebdomēn) seventh ἀφῆκεν (aphēken) left πυρετός (pyretos) fever ἔγνω (egnō) knew ἐκείνῃ (ekeinē) that οἰκία (oikia) household ὅλη (holē) whole δεύτερον (deuteron) second σημεῖον (sēmeion) sign ἐλθὼν (elthōn) having come 98 καὶ (kai) and ὁ (ho) the τοῦ (tou) of the αὐτοῦ (autou) of him λέγει (legei) says αὐτῇ (autē) to her γυνὴ (gynē) woman ὕδωρ (hydōr) water πηγὴ (pēgē) spring Ἰακώβ (Iakōb) Jacob μαθηταὶ (mathētai) disciples ἀπεληλύθεισαν (apelēlytheisan) had gone away εἰς (eis) into τὴν (tēn) the 99 πόλιν (polin) city ἵνα (hina) that τροφὰς (trophas) food ἀγοράσωσιν (agorasōsin) they might buy Λέγει (Legei) Says οὖν (oun) therefore Σαμαρῖτις (Samaritis) Samaritan Πῶς (Pōs) How σὺ (sy) you Ἰουδαῖος (Ioudaios) a Jew ὢν (ōn) being παρ’ (par’) from ἐμοῦ (emou) me πεῖν (pein) to drink 100 αἰτεῖς (aiteis) ask οὔσης (ousēs) being γυναικὸς (gynaikos) a woman οὐ (ou) not γὰρ (gar) for συγχρῶνται (synchrōntai) have dealings Ἀπεκρίθη (Apekrithē) Answered εἶπεν (eipen) said Εἰ (Ei) If ᾔδεις (ēdeis) you had known δωρεὰν (dōrean) gift θεοῦ (theou) of God τίς (tis) who ἐστιν (estin) is 101 λέγων (legōn) saying σοι (soi) to you Δός (Dos) Give μοι (moi) me ἂν (an) — ᾔτησας (ētēsas) would have asked ἔδωκεν (edōken) he would have given ζῶν (zōn) living Κύριε (Kyrie) Sir οὔτε (oute) neither ἄντλημα (antlēma) a bucket ἔχεις (echeis) you have φρέαρ (phrear) well ἐστὶν (estin) is 102 βαθύ (bathy) deep πόθεν (pothen) from where ἔχεις (echeis) have you μὴ (mē) not μείζων (meizōn) greater εἶ (ei) are πατρὸς (patros) father ἡμῶν (hēmōn) of us ὃς (hos) who ἡμῖν (hēmin) to us αὐτὸς (autos) he ἐξ (ex) out of ἔπιεν (epien) drank υἱοὶ (huioi) sons 103 θρέμματα (thremmata) livestock Πᾶς (Pas) Everyone πίνων (pinōn) drinking τούτου (toutou) this διψήσει (dipsēsei) will thirst πάλιν (palin) again ἂν (an) whoever πίῃ (piē) drinks ἐγὼ (egō) I δώσω (dōsō) will give αὐτῷ (autō) him μὴ (mē) never εἰς (eis) to αἰῶνα (aiōna) the age 104 γενήσεται (genēsetai) will become ἁλλομένου (hallomenou) welling up ζωὴν (zōēn) life αἰώνιον (aiōnion) eternal τοῦτο (touto) this διψῶ (dipsō) I thirst διέρχωμαι (dierchōmai) come ἐνθάδε (enthade) here ἀντλεῖν (antlein) to draw Ὕπαγε (Hypage) Go φώνησόν (phōnēson) call σου (sou) of you ἄνδρα (andra) husband ἐλθὲ (elthe) come 105 Οὐκ (Ouk) No ἔχω (echō) I have Καλῶς (Kalōs) Rightly πέντε (pente) five ἄνδρας (andras) husbands ἔσχες (esches) you have had νῦν (nyn) now ὃν (hon) whom ἀληθὲς (alēthes) true εἴρηκας (eirēkas) you have spoken θεωρῶ (theōrō) I perceive ὅτι (hoti) that προφήτης (prophētēs) a prophet πατέρες (pateres) fathers 106 ἐν (en) on ὄρει (orei) mountain τούτῳ (toutō) this προσεκύνησαν (prosekynēsan) worshiped ὑμεῖς (hymeis) you λέγετε (legete) say Ἱεροσολύμοις (Hierosolymois) Jerusalem τόπος (topos) place ὅπου (hopou) where προσκυνεῖν (proskynein) to worship δεῖ (dei) it is necessary Πίστευέ (Pisteue) Believe ἔρχεται (erchetai) is coming ὥρα (hōra) an hour 107 ὅτε (hote) when οὔτε (oute) neither προσκυνήσετε (proskynēsete) you will worship πατρί (patri) the Father οἴδατε (oidate) you know ἡμεῖς (hēmeis) we προσκυνοῦμεν (proskynoumen) worship οἴδαμεν (oidamen) we know σωτηρία (sōtēria) salvation Ἰουδαίων (Ioudaiōn) the Jews ἀλλὰ (alla) but ἀληθινοὶ (alēthinoi) true προσκυνηταὶ (proskynētai) worshipers πνεύματι (pneumati) spirit 108 ἀληθείᾳ (alētheia) truth τοιούτους (toioutous) such ζητεῖ (zētei) seeks προσκυνοῦντας (proskynountas) worshiping πνεῦμα (pneuma) Spirit θεός (theos) God Οἶδα (Oida) I know Μεσσίας (Messias) Messiah λεγόμενος (legomenos) called Χριστός (Christos) Christ ὅταν (hotan) when ἔλθῃ (elthē) comes ἐκεῖνος (ekeinos) that one ἀναγγελεῖ (anangelei) he will declare 109 ἅπαντα (hapanta) all things Ἐγώ (Egō) I εἰμι (eimi) am λαλῶν (lalōn) speaking ἐπὶ (epi) upon τούτῳ (toutō) this ἦλθαν (ēlthan) came ἐθαύμαζον (ethaumazon) they marveled μετὰ (meta) with γυναικὸς (gynaikos) a woman ἐλάλει (elalei) he was speaking οὐδεὶς (oudeis) no one μέντοι (mentoi) however Τί (Ti) What 110 ζητεῖς (zēteis) do you seek ἢ (ē) or Τί (Ti) Why λαλεῖς (laleis) do you speak ἀφῆκεν (aphēken) left ὑδρίαν (hydrian) water jar αὐτῆς (autēs) of her ἀπῆλθεν (apēlthen) went away ἀνθρώποις (anthrōpois) to the men Δεῦτε (Deute) Come ἴδετε (idete) see ἄνθρωπον (anthrōpon) a man εἶπέν (eipen) told πάντα (panta) all things 111 ὅσα (hosa) whatever ἐποίησα (epoiēsa) I did μήτι (mēti) perhaps οὗτός (houtos) this ἐξῆλθον (exēlthon) they went out ἤρχοντο (ērchonto) were coming πρὸς (pros) to αὐτόν (auton) him Ἐν (En) In μεταξὺ (metaxy) meanwhile ἠρώτων (ērōtōn) were asking Ῥαββί (Rhabbi) Rabbi φάγε (phage) eat Ἐγὼ (Egō) I 112 βρῶσιν (brōsin) food ἔχω (echō) have φαγεῖν (phagein) to eat ἣν (hēn) which ἔλεγον (elegon) were saying ἀλλήλους (allēlous) one another Μή (Mē) Not τις (tis) anyone ἤνεγκεν (ēnenken) brought Ἐμὸν (Emon) My βρῶμά (brōma) food ποιήσω (poiēsō) I may do θέλημα (thelēma) will πέμψαντός (pempsantos) having sent 113 με (me) me τελειώσω (teleiōsō) may finish ἔργον (ergon) work οὐχ (ouch) not Ἔτι (Eti) Yet τετράμηνός (tetramēnos) four months θερισμὸς (therismos) harvest ἰδοὺ (idou) behold ἐπάρατε (eparate) lift up ὀφθαλμοὺς (ophthalmous) eyes ὑμῶν (hymōn) of you θεάσασθε (theasasthe) look at χώρας (chōras) fields λευκαί (leukai) white 114 θερισμόν (therismon) harvest ἤδη (ēdē) already θερίζων (therizōn) reaping μισθὸν (misthon) wages λαμβάνει (lambanei) receives συνάγει (synagei) gathers καρπὸν (karpon) fruit σπείρων (speirōn) sowing ὁμοῦ (homou) together χαίρῃ (chairē) may rejoice λόγος (logos) saying ἀληθινὸς (alēthinos) true ἄλλος (allos) one ἀπέστειλα (apesteila) sent 115 θερίζειν (therizein) to reap κεκοπιάκατε (kekopiakate) you have labored ἄλλοι (alloi) others κεκοπιάκασιν (kekopiakasin) have labored κόπον (kopon) labor εἰσεληλύθατε (eiselēlythate) you have entered Ἐκ (Ek) From πόλεως (poleōs) city ἐκείνης (ekeinēs) that πολλοὶ (polloi) many ἐπίστευσαν (episteusan) believed Σαμαριτῶν (Samaritōn) Samaritans διὰ (dia) because of λόγον (logon) word 116 μαρτυρούσης (martyrousēs) testifying ὡς (hōs) when ἠρώτων (ērōtōn) they were asking μεῖναι (meinai) to stay παρ’ (par’) with αὐτοῖς (autois) them ἔμεινεν (emeinen) he stayed ἐκεῖ (ekei) there δύο (dyo) two ἡμέρας (hēmeras) days πολλῷ (pollō) many πλείους (pleious) more ἔλεγον (elegon) they were saying Οὐκέτι (Ouketi) No longer 117 σὴν (sēn) your λαλιὰν (lalian) speaking πιστεύομεν (pisteuomen) we believe αὐτοὶ (autoi) ourselves ἀκηκόαμεν (akēkoamen) we have heard ἀληθῶς (alēthōs) truly σωτὴρ (sōtēr) Savior κόσμου (kosmou) of the world Μετὰ (Meta) After ἐξῆλθεν (exēlthen) he went out ἐκεῖθεν (ekeithen) from there Γαλιλαίαν (Galilaian) Galilee ἐμαρτύρησεν (emartyrēsen) testified ἰδίᾳ (idia) own 118 πατρίδι (patridi) hometown τιμὴν (timēn) honor ἐδέξαντο (edexanto) received Γαλιλαῖοι (Galilaioi) Galileans ἑωρακότες (heōrakotes) having seen ἐποίησεν (epoiēsen) he did ἑορτῇ (heortē) feast Κανὰ (Kana) Cana οἶνον (oinon) wine βασιλικὸς (basilikos) royal official υἱὸς (huios) son ἠσθένει (ēsthenei) was sick Καφαρναούμ (Kapharnaoum) Capernaum ἀκούσας (akousas) having heard 119 ἥκει (hēkei) had come Ἰουδαίας (Ioudaias) Judea καταβῇ (katabē) he would come down ἰάσηται (iasētai) heal ἤμελλεν (ēmellen) he was about ἀποθνῄσκειν (apothnēskein) to die Ἐὰν (Ean) Unless σημεῖα (sēmeia) signs τέρατα (terata) wonders ἴδητε (idēte) you see πιστεύσητε (pisteusēte) you will believe κατάβηθι (katabēthi) come down πρὶν (prin) before ἀποθανεῖν (apothanein) dies 120 παιδίον (paidion) child Πορεύου (Poreuou) Go ζῇ (zē) lives ἐπίστευσεν (episteusen) believed ἄνθρωπος (anthrōpos) the man ἐπορεύετο (eporeueto) he was going ἤδη (ēdē) already καταβαίνοντος (katabainontos) going down δοῦλοι (douloi) servants ὑπήντησαν (hypēntēsan) met παῖς (pais) boy ἐπύθετο (epytheto) he inquired ὥραν (hōran) hour κομψότερον (kompsoteron) better 121 ἔσχεν (eschen) he got Ἐχθὲς (Echthes) Yesterday ἑβδόμην (hebdomēn) seventh ἀφῆκεν (aphēken) left πυρετός (pyretos) fever ἔγνω (egnō) knew ἐκείνῃ (ekeinē) that οἰκία (oikia) household ὅλη (holē) whole δεύτερον (deuteron) second σημεῖον (sēmeion) sign ἐλθὼν (elthōn) having come 122 καὶ (kai) and ὁ (ho) the τοῦ (tou) of the αὐτοῦ (autou) of him λέγει (legei) says αὐτῇ (autē) to her γυνὴ (gynē) woman ὕδωρ (hydōr) water πηγὴ (pēgē) spring Ἰακώβ (Iakōb) Jacob μαθηταὶ (mathētai) disciples ἀπεληλύθεισαν (apelēlytheisan) had gone away εἰς (eis) into τὴν (tēn) the 123 πόλιν (polin) city ἵνα (hina) that τροφὰς (trophas) food ἀγοράσωσιν (agorasōsin) they might buy Λέγει (Legei) Says οὖν (oun) therefore Σαμαρῖτις (Samaritis) Samaritan Πῶς (Pōs) How σὺ (sy) you Ἰουδαῖος (Ioudaios) a Jew ὢν (ōn) being παρ’ (par’) from ἐμοῦ (emou) me πεῖν (pein) to drink 124 αἰτεῖς (aiteis) ask οὔσης (ousēs) being γυναικὸς (gynaikos) a woman οὐ (ou) not γὰρ (gar) for συγχρῶνται (synchrōntai) have dealings Ἀπεκρίθη (Apekrithē) Answered εἶπεν (eipen) said Εἰ (Ei) If ᾔδεις (ēdeis) you had known δωρεὰν (dōrean) gift θεοῦ (theou) of God τίς (tis) who ἐστιν (estin) is 125 λέγων (legōn) saying σοι (soi) to you Δός (Dos) Give μοι (moi) me ἂν (an) — ᾔτησας (ētēsas) would have asked ἔδωκεν (edōken) he would have given ζῶν (zōn) living Κύριε (Kyrie) Sir οὔτε (oute) neither ἄντλημα (antlēma) a bucket ἔχεις (echeis) you have φρέαρ (phrear) well ἐστὶν (estin) is 126 βαθύ (bathy) deep πόθεν (pothen) from where ἔχεις (echeis) have you μὴ (mē) not μείζων (meizōn) greater εἶ (ei) are πατρὸς (patros) father ἡμῶν (hēmōn) of us ὃς (hos) who ἡμῖν (hēmin) to us αὐτὸς (autos) he ἐξ (ex) out of ἔπιεν (epien) drank υἱοὶ (huioi) sons 127 θρέμματα (thremmata) livestock Πᾶς (Pas) Everyone πίνων (pinōn) drinking τούτου (toutou) this διψήσει (dipsēsei) will thirst πάλιν (palin) again ἂν (an) whoever πίῃ (piē) drinks ἐγὼ (egō) I δώσω (dōsō) will give αὐτῷ (autō) him μὴ (mē) never εἰς (eis) to αἰῶνα (aiōna) the age 128 γενήσεται (genēsetai) will become ἁλλομένου (hallomenou) welling up ζωὴν (zōēn) life αἰώνιον (aiōnion) eternal τοῦτο (touto) this διψῶ (dipsō) I thirst διέρχωμαι (dierchōmai) come ἐνθάδε (enthade) here ἀντλεῖν (antlein) to draw Ὕπαγε (Hypage) Go φώνησόν (phōnēson) call σου (sou) of you ἄνδρα (andra) husband ἐλθὲ (elthe) come 129 Οὐκ (Ouk) No ἔχω (echō) I have Καλῶς (Kalōs) Rightly πέντε (pente) five ἄνδρας (andras) husbands ἔσχες (esches) you have had νῦν (nyn) now ὃν (hon) whom ἀληθὲς (alēthes) true εἴρηκας (eirēkas) you have spoken θεωρῶ (theōrō) I perceive ὅτι (hoti) that προφήτης (prophētēs) a prophet πατέρες (pateres) fathers 130 ἐν (en) on ὄρει (orei) mountain τούτῳ (toutō) this προσεκύνησαν (prosekynēsan) worshiped ὑμεῖς (hymeis) you λέγετε (legete) say Ἱεροσολύμοις (Hierosolymois) Jerusalem τόπος (topos) place ὅπου (hopou) where προσκυνεῖν (proskynein) to worship δεῖ (dei) it is necessary Πίστευέ (Pisteue) Believe ἔρχεται (erchetai) is coming ὥρα (hōra) an hour 131 ὅτε (hote) when οὔτε (oute) neither προσκυνήσετε (proskynēsete) you will worship πατρί (patri) the Father οἴδατε (oidate) you know ἡμεῖς (hēmeis) we προσκυνοῦμεν (proskynoumen) worship οἴδαμεν (oidamen) we know σωτηρία (sōtēria) salvation Ἰουδαίων (Ioudaiōn) the Jews ἀλλὰ (alla) but ἀληθινοὶ (alēthinoi) true προσκυνηταὶ (proskynētai) worshipers πνεύματι (pneumati) spirit 132 ἀληθείᾳ (alētheia) truth τοιούτους (toioutous) such ζητεῖ (zētei) seeks προσκυνοῦντας (proskynountas) worshiping πνεῦμα (pneuma) Spirit θεός (theos) God Οἶδα (Oida) I know Μεσσίας (Messias) Messiah λεγόμενος (legomenos) called Χριστός (Christos) Christ ὅταν (hotan) when ἔλθῃ (elthē) comes ἐκεῖνος (ekeinos) that one ἀναγγελεῖ (anangelei) he will declare 133 ἅπαντα (hapanta) all things Ἐγώ (Egō) I εἰμι (eimi) am λαλῶν (lalōn) speaking ἐπὶ (epi) upon τούτῳ (toutō) this ἦλθαν (ēlthan) came ἐθαύμαζον (ethaumazon) they marveled μετὰ (meta) with γυναικὸς (gynaikos) a woman ἐλάλει (elalei) he was speaking οὐδεὶς (oudeis) no one μέντοι (mentoi) however Τί (Ti) What 134 ζητεῖς (zēteis) do you seek ἢ (ē) or Τί (Ti) Why λαλεῖς (laleis) do you speak ἀφῆκεν (aphēken) left ὑδρίαν (hydrian) water jar αὐτῆς (autēs) of her ἀπῆλθεν (apēlthen) went away ἀνθρώποις (anthrōpois) to the men Δεῦτε (Deute) Come ἴδετε (idete) see ἄνθρωπον (anthrōpon) a man εἶπέν (eipen) told πάντα (panta) all things 135 ὅσα (hosa) whatever ἐποίησα (epoiēsa) I did μήτι (mēti) perhaps οὗτός (houtos) this ἐξῆλθον (exēlthon) they went out ἤρχοντο (ērchonto) were coming πρὸς (pros) to αὐτόν (auton) him Ἐν (En) In μεταξὺ (metaxy) meanwhile ἠρώτων (ērōtōn) were asking Ῥαββί (Rhabbi) Rabbi φάγε (phage) eat Ἐγὼ (Egō) I 136 βρῶσιν (brōsin) food ἔχω (echō) have φαγεῖν (phagein) to eat ἣν (hēn) which ἔλεγον (elegon) were saying ἀλλήλους (allēlous) one another Μή (Mē) Not τις (tis) anyone ἤνεγκεν (ēnenken) brought Ἐμὸν (Emon) My βρῶμά (brōma) food ποιήσω (poiēsō) I may do θέλημα (thelēma) will πέμψαντός (pempsantos) having sent 137 με (me) me τελειώσω (teleiōsō) may finish ἔργον (ergon) work οὐχ (ouch) not Ἔτι (Eti) Yet τετράμηνός (tetramēnos) four months θερισμὸς (therismos) harvest ἰδοὺ (idou) behold ἐπάρατε (eparate) lift up ὀφθαλμοὺς (ophthalmous) eyes ὑμῶν (hymōn) of you θεάσασθε (theasasthe) look at χώρας (chōras) fields λευκαί (leukai) white 138 θερισμόν (therismon) harvest ἤδη (ēdē) already θερίζων (therizōn) reaping μισθὸν (misthon) wages λαμβάνει (lambanei) receives συνάγει (synagei) gathers καρπὸν (karpon) fruit σπείρων (speirōn) sowing ὁμοῦ (homou) together χαίρῃ (chairē) may rejoice λόγος (logos) saying ἀληθινὸς (alēthinos) true ἄλλος (allos) one ἀπέστειλα (apesteila) sent 139 θερίζειν (therizein) to reap κεκοπιάκατε (kekopiakate) you have labored ἄλλοι (alloi) others κεκοπιάκασιν (kekopiakasin) have labored κόπον (kopon) labor εἰσεληλύθατε (eiselēlythate) you have entered Ἐκ (Ek) From πόλεως (poleōs) city ἐκείνης (ekeinēs) that πολλοὶ (polloi) many ἐπίστευσαν (episteusan) believed Σαμαριτῶν (Samaritōn) Samaritans διὰ (dia) because of λόγον (logon) word 140 μαρτυρούσης (martyrousēs) testifying ὡς (hōs) when ἠρώτων (ērōtōn) they were asking μεῖναι (meinai) to stay παρ’ (par’) with αὐτοῖς (autois) them ἔμεινεν (emeinen) he stayed ἐκεῖ (ekei) there δύο (dyo) two ἡμέρας (hēmeras) days πολλῷ (pollō) many πλείους (pleious) more ἔλεγον (elegon) they were saying Οὐκέτι (Ouketi) No longer 141 σὴν (sēn) your λαλιὰν (lalian) speaking πιστεύομεν (pisteuomen) we believe αὐτοὶ (autoi) ourselves ἀκηκόαμεν (akēkoamen) we have heard ἀληθῶς (alēthōs) truly σωτὴρ (sōtēr) Savior κόσμου (kosmou) of the world Μετὰ (Meta) After ἐξῆλθεν (exēlthen) he went out ἐκεῖθεν (ekeithen) from there Γαλιλαίαν (Galilaian) Galilee ἐμαρτύρησεν (emartyrēsen) testified ἰδίᾳ (idia) own 142 πατρίδι (patridi) hometown τιμὴν (timēn) honor ἐδέξαντο (edexanto) received Γαλιλαῖοι (Galilaioi) Galileans ἑωρακότες (heōrakotes) having seen ἐποίησεν (epoiēsen) he did ἑορτῇ (heortē) feast Κανὰ (Kana) Cana οἶνον (oinon) wine βασιλικὸς (basilikos) royal official υἱὸς (huios) son ἠσθένει (ēsthenei) was sick Καφαρναούμ (Kapharnaoum) Capernaum ἀκούσας (akousas) having heard 143 ἥκει (hēkei) had come Ἰουδαίας (Ioudaias) Judea καταβῇ (katabē) he would come down ἰάσηται (iasētai) heal ἤμελλεν (ēmellen) he was about ἀποθνῄσκειν (apothnēskein) to die Ἐὰν (Ean) Unless σημεῖα (sēmeia) signs τέρατα (terata) wonders ἴδητε (idēte) you see πιστεύσητε (pisteusēte) you will believe κατάβηθι (katabēthi) come down πρὶν (prin) before ἀποθανεῖν (apothanein) dies 144 παιδίον (paidion) child Πορεύου (Poreuou) Go ζῇ (zē) lives ἐπίστευσεν (episteusen) believed ἄνθρωπος (anthrōpos) the man ἐπορεύετο (eporeueto) he was going ἤδη (ēdē) already καταβαίνοντος (katabainontos) going down δοῦλοι (douloi) servants ὑπήντησαν (hypēntēsan) met παῖς (pais) boy ἐπύθετο (epytheto) he inquired ὥραν (hōran) hour κομψότερον (kompsoteron) better 145 ἔσχεν (eschen) he got Ἐχθὲς (Echthes) Yesterday ἑβδόμην (hebdomēn) seventh ἀφῆκεν (aphēken) left πυρετός (pyretos) fever ἔγνω (egnō) knew ἐκείνῃ (ekeinē) that οἰκία (oikia) household ὅλη (holē) whole δεύτερον (deuteron) second σημεῖον (sēmeion) sign ἐλθὼν (elthōn) having come 146 καὶ (kai) and ὁ (ho) the τοῦ (tou) of the αὐτοῦ (autou) of him λέγει (legei) says αὐτῇ (autē) to her γυνὴ (gynē) woman ὕδωρ (hydōr) water πηγὴ (pēgē) spring Ἰακώβ (Iakōb) Jacob μαθηταὶ (mathētai) disciples ἀπεληλύθεισαν (apelēlytheisan) had gone away εἰς (eis) into τὴν (tēn) the 147 πόλιν (polin) city ἵνα (hina) that τροφὰς (trophas) food ἀγοράσωσιν (agorasōsin) they might buy Λέγει (Legei) Says οὖν (oun) therefore Σαμαρῖτις (Samaritis) Samaritan Πῶς (Pōs) How σὺ (sy) you Ἰουδαῖος (Ioudaios) a Jew ὢν (ōn) being παρ’ (par’) from ἐμοῦ (emou) me πεῖν (pein) to drink 148 αἰτεῖς (aiteis) ask οὔσης (ousēs) being γυναικὸς (gynaikos) a woman οὐ (ou) not γὰρ (gar) for συγχρῶνται (synchrōntai) have dealings Ἀπεκρίθη (Apekrithē) Answered εἶπεν (eipen) said Εἰ (Ei) If ᾔδεις (ēdeis) you had known δωρεὰν (dōrean) gift θεοῦ (theou) of God τίς (tis) who ἐστιν (estin) is 149 λέγων (legōn) saying σοι (soi) to you Δός (Dos) Give μοι (moi) me ἂν (an) — ᾔτησας (ētēsas) would have asked ἔδωκεν (edōken) he would have given ζῶν (zōn) living Κύριε (Kyrie) Sir οὔτε (oute) neither ἄντλημα (antlēma) a bucket ἔχεις (echeis) you have φρέαρ (phrear) well ἐστὶν (estin) is 150 βαθύ (bathy) deep πόθεν (pothen) from where ἔχεις (echeis) have you μὴ (mē) not μείζων (meizōn) greater εἶ (ei) are πατρὸς (patros) father ἡμῶν (hēmōn) of us ὃς (hos) who ἡμῖν (hēmin) to us αὐτὸς (autos) he ἐξ (ex) out of ἔπιεν (epien) drank υἱοὶ (huioi) sons 151 θρέμματα (thremmata) livestock Πᾶς (Pas) Everyone πίνων (pinōn) drinking τούτου (toutou) this διψήσει (dipsēsei) will thirst πάλιν (palin) again ἂν (an) whoever πίῃ (piē) drinks ἐγὼ (egō) I δώσω (dōsō) will give αὐτῷ (autō) him μὴ (mē) never εἰς (eis) to αἰῶνα (aiōna) the age 152 γενήσεται (genēsetai) will become ἁλλομένου (hallomenou) welling up ζωὴν (zōēn) life αἰώνιον (aiōnion) eternal τοῦτο (touto) this διψῶ (dipsō) I thirst διέρχωμαι (dierchōmai) come ἐνθάδε (enthade) here ἀντλεῖν (antlein) to draw Ὕπαγε (Hypage) Go φώνησόν (phōnēson) call σου (sou) of you ἄνδρα (andra) husband ἐλθὲ (elthe) come 153 Οὐκ (Ouk) No ἔχω (echō) I have Καλῶς (Kalōs) Rightly πέντε (pente) five ἄνδρας (andras) husbands ἔσχες (esches) you have had νῦν (nyn) now ὃν (hon) whom ἀληθὲς (alēthes) true εἴρηκας (eirēkas) you have spoken θεωρῶ (theōrō) I perceive ὅτι (hoti) that προφήτης (prophētēs) a prophet πατέρες (pateres) fathers 154 ἐν (en) on ὄρει (orei) mountain τούτῳ (toutō) this προσεκύνησαν (prosekynēsan) worshiped ὑμεῖς (hymeis) you λέγετε (legete) say Ἱεροσολύμοις (Hierosolymois) Jerusalem τόπος (topos) place ὅπου (hopou) where προσκυνεῖν (proskynein) to worship δεῖ (dei) it is necessary Πίστευέ (Pisteue) Believe ἔρχεται (erchetai) is coming ὥρα (hōra) an hour 155 ὅτε (hote) when οὔτε (oute) neither προσκυνήσετε (proskynēsete) you will worship πατρί (patri) the Father οἴδατε (oidate) you know ἡμεῖς (hēmeis) we προσκυνοῦμεν (proskynoumen) worship οἴδαμεν (oidamen) we know σωτηρία (sōtēria) salvation Ἰουδαίων (Ioudaiōn) the Jews ἀλλὰ (alla) but ἀληθινοὶ (alēthinoi) true προσκυνηταὶ (proskynētai) worshipers πνεύματι (pneumati) spirit 156 ἀληθείᾳ (alētheia) truth τοιούτους (toioutous) such ζητεῖ (zētei) seeks προσκυνοῦντας (proskynountas) worshiping πνεῦμα (pneuma) Spirit θεός (theos) God Οἶδα (Oida) I know Μεσσίας (Messias) Messiah λεγόμενος (legomenos) called Χριστός (Christos) Christ ὅταν (hotan) when ἔλθῃ (elthē) comes ἐκεῖνος (ekeinos) that one ἀναγγελεῖ (anangelei) he will declare 157 ἅπαντα (hapanta) all things Ἐγώ (Egō) I εἰμι (eimi) am λαλῶν (lalōn) speaking ἐπὶ (epi) upon τούτῳ (toutō) this ἦλθαν (ēlthan) came ἐθαύμαζον (ethaumazon) they marveled μετὰ (meta) with γυναικὸς (gynaikos) a woman ἐλάλει (elalei) he was speaking οὐδεὶς (oudeis) no one μέντοι (mentoi) however Τί (Ti) What 158 ζητεῖς (zēteis) do you seek ἢ (ē) or Τί (Ti) Why λαλεῖς (laleis) do you speak ἀφῆκεν (aphēken) left ὑδρίαν (hydrian) water jar αὐτῆς (autēs) of her ἀπῆλθεν (apēlthen) went away ἀνθρώποις (anthrōpois) to the men Δεῦτε (Deute) Come ἴδετε (idete) see ἄνθρωπον (anthrōpon) a man εἶπέν (eipen) told πάντα (panta) all things 159 ὅσα (hosa) whatever ἐποίησα (epoiēsa) I did μήτι (mēti) perhaps οὗτός (houtos) this ἐξῆλθον (exēlthon) they went out ἤρχοντο (ērchonto) were coming πρὸς (pros) to αὐτόν (auton) him Ἐν (En) In μεταξὺ (metaxy) meanwhile ἠρώτων (ērōtōn) were asking Ῥαββί (Rhabbi) Rabbi φάγε (phage) eat Ἐγὼ (Egō) I 160 βρῶσιν (brōsin) food ἔχω (echō) have φαγεῖν (phagein) to eat ἣν (hēn) which ἔλεγον (elegon) were saying ἀλλήλους (allēlous) one another Μή (Mē) Not τις (tis) anyone ἤνεγκεν (ēnenken) brought Ἐμὸν (Emon) My βρῶμά (brōma) food ποιήσω (poiēsō) I may do θέλημα (thelēma) will πέμψαντός (pempsantos) having sent 161 με (me) me τελειώσω (teleiōsō) may finish ἔργον (ergon) work οὐχ (ouch) not Ἔτι (Eti) Yet τετράμηνός (tetramēnos) four months θερισμὸς (therismos) harvest ἰδοὺ (idou) behold ἐπάρατε (eparate) lift up ὀφθαλμοὺς (ophthalmous) eyes ὑμῶν (hymōn) of you θεάσασθε (theasasthe) look at χώρας (chōras) fields λευκαί (leukai) white 162 θερισμόν (therismon) harvest ἤδη (ēdē) already θερίζων (therizōn) reaping μισθὸν (misthon) wages λαμβάνει (lambanei) receives συνάγει (synagei) gathers καρπὸν (karpon) fruit σπείρων (speirōn) sowing ὁμοῦ (homou) together χαίρῃ (chairē) may rejoice λόγος (logos) saying ἀληθινὸς (alēthinos) true ἄλλος (allos) one ἀπέστειλα (apesteila) sent 163 θερίζειν (therizein) to reap κεκοπιάκατε (kekopiakate) you have labored ἄλλοι (alloi) others κεκοπιάκασιν (kekopiakasin) have labored κόπον (kopon) labor εἰσεληλύθατε (eiselēlythate) you have entered Ἐκ (Ek) From πόλεως (poleōs) city ἐκείνης (ekeinēs) that πολλοὶ (polloi) many ἐπίστευσαν (episteusan) believed Σαμαριτῶν (Samaritōn) Samaritans διὰ (dia) because of λόγον (logon) word 164 μαρτυρούσης (martyrousēs) testifying ὡς (hōs) when ἠρώτων (ērōtōn) they were asking μεῖναι (meinai) to stay παρ’ (par’) with αὐτοῖς (autois) them ἔμεινεν (emeinen) he stayed ἐκεῖ (ekei) there δύο (dyo) two ἡμέρας (hēmeras) days πολλῷ (pollō) many πλείους (pleious) more ἔλεγον (elegon) they were saying Οὐκέτι (Ouketi) No longer 165 σὴν (sēn) your λαλιὰν (lalian) speaking πιστεύομεν (pisteuomen) we believe αὐτοὶ (autoi) ourselves ἀκηκόαμεν (akēkoamen) we have heard ἀληθῶς (alēthōs) truly σωτὴρ (sōtēr) Savior κόσμου (kosmou) of the world Μετὰ (Meta) After ἐξῆλθεν (exēlthen) he went out ἐκεῖθεν (ekeithen) from there Γαλιλαίαν (Galilaian) Galilee ἐμαρτύρησεν (emartyrēsen) testified ἰδίᾳ (idia) own 166 πατρίδι (patridi) hometown τιμὴν (timēn) honor ἐδέξαντο (edexanto) received Γαλιλαῖοι (Galilaioi) Galileans ἑωρακότες (heōrakotes) having seen ἐποίησεν (epoiēsen) he did ἑορτῇ (heortē) feast Κανὰ (Kana) Cana οἶνον (oinon) wine βασιλικὸς (basilikos) royal official υἱὸς (huios) son ἠσθένει (ēsthenei) was sick Καφαρναούμ (Kapharnaoum) Capernaum ἀκούσας (akousas) having heard 167 ἥκει (hēkei) had come Ἰουδαίας (Ioudaias) Judea καταβῇ (katabē) he would come down ἰάσηται (iasētai) heal ἤμελλεν (ēmellen) he was about ἀποθνῄσκειν (apothnēskein) to die Ἐὰν (Ean) Unless σημεῖα (sēmeia) signs τέρατα (terata) wonders ἴδητε (idēte) you see πιστεύσητε (pisteusēte) you will believe κατάβηθι (katabēthi) come down πρὶν (prin) before ἀποθανεῖν (apothanein) dies 168 παιδίον (paidion) child Πορεύου (Poreuou) Go ζῇ (zē) lives ἐπίστευσεν (episteusen) believed ἄνθρωπος (anthrōpos) the man ἐπορεύετο (eporeueto) he was going ἤδη (ēdē) already καταβαίνοντος (katabainontos) going down δοῦλοι (douloi) servants ὑπήντησαν (hypēntēsan) met παῖς (pais) boy ἐπύθετο (epytheto) he inquired ὥραν (hōran) hour κομψότερον (kompsoteron) better 169 ἔσχεν (eschen) he got Ἐχθὲς (Echthes) Yesterday ἑβδόμην (hebdomēn) seventh ἀφῆκεν (aphēken) left πυρετός (pyretos) fever ἔγνω (egnō) knew ἐκείνῃ (ekeinē) that οἰκία (oikia) household ὅλη (holē) whole δεύτερον (deuteron) second σημεῖον (sēmeion) sign ἐλθὼν (elthōn) having come 170 καὶ (kai) and ὁ (ho) the τοῦ (tou) of the αὐτοῦ (autou) of him λέγει (legei) says αὐτῇ (autē) to her γυνὴ (gynē) woman ὕδωρ (hydōr) water πηγὴ (pēgē) spring Ἰακώβ (Iakōb) Jacob μαθηταὶ (mathētai) disciples ἀπεληλύθεισαν (apelēlytheisan) had gone away εἰς (eis) into τὴν (tēn) the 171 πόλιν (polin) city ἵνα (hina) that τροφὰς (trophas) food ἀγοράσωσιν (agorasōsin) they might buy Λέγει (Legei) Says οὖν (oun) therefore Σαμαρῖτις (Samaritis) Samaritan Πῶς (Pōs) How σὺ (sy) you Ἰουδαῖος (Ioudaios) a Jew ὢν (ōn) being παρ’ (par’) from ἐμοῦ (emou) me πεῖν (pein) to drink 172 αἰτεῖς (aiteis) ask οὔσης (ousēs) being γυναικὸς (gynaikos) a woman οὐ (ou) not γὰρ (gar) for συγχρῶνται (synchrōntai) have dealings Ἀπεκρίθη (Apekrithē) Answered εἶπεν (eipen) said Εἰ (Ei) If ᾔδεις (ēdeis) you had known δωρεὰν (dōrean) gift θεοῦ (theou) of God τίς (tis) who ἐστιν (estin) is 173 λέγων (legōn) saying σοι (soi) to you Δός (Dos) Give μοι (moi) me ἂν (an) — ᾔτησας (ētēsas) would have asked ἔδωκεν (edōken) he would have given ζῶν (zōn) living Κύριε (Kyrie) Sir οὔτε (oute) neither ἄντλημα (antlēma) a bucket ἔχεις (echeis) you have φρέαρ (phrear) well ἐστὶν (estin) is 174 βαθύ (bathy) deep πόθεν (pothen) from where ἔχεις (echeis) have you μὴ (mē) not μείζων (meizōn) greater εἶ (ei) are πατρὸς (patros) father ἡμῶν (hēmōn) of us ὃς (hos) who ἡμῖν (hēmin) to us αὐτὸς (autos) he ἐξ (ex) out of ἔπιεν (epien) drank υἱοὶ (huioi) sons 175 θρέμματα (thremmata) livestock Πᾶς (Pas) Everyone πίνων (pinōn) drinking τούτου (toutou) this διψήσει (dipsēsei) will thirst πάλιν (palin) again ἂν (an) whoever πίῃ (piē) drinks ἐγὼ (egō) I δώσω (dōsō) will give αὐτῷ (autō) him μὴ (mē) never εἰς (eis) to αἰῶνα (aiōna) the age 176 γενήσεται (genēsetai) will become ἁλλομένου (hallomenou) welling up ζωὴν (zōēn) life αἰώνιον (aiōnion) eternal τοῦτο (touto) this διψῶ (dipsō) I thirst διέρχωμαι (dierchōmai) come ἐνθάδε (enthade) here ἀντλεῖν (antlein) to draw Ὕπαγε (Hypage) Go φώνησόν (phōnēson) call σου (sou) of you ἄνδρα (andra) husband ἐλθὲ (elthe) come 177 Οὐκ (Ouk) No ἔχω (echō) I have Καλῶς (Kalōs) Rightly πέντε (pente) five ἄνδρας (andras) husbands ἔσχες (esches) you have had νῦν (nyn) now ὃν (hon) whom ἀληθὲς (alēthes) true εἴρηκας (eirēkas) you have spoken θεωρῶ (theōrō) I perceive ὅτι (hoti) that προφήτης (prophētēs) a prophet πατέρες (pateres) fathers 178 ἐν (en) on ὄρει (orei) mountain τούτῳ (toutō) this προσεκύνησαν (prosekynēsan) worshiped ὑμεῖς (hymeis) you λέγετε (legete) say Ἱεροσολύμοις (Hierosolymois) Jerusalem τόπος (topos) place ὅπου (hopou) where προσκυνεῖν (proskynein) to worship δεῖ (dei) it is necessary Πίστευέ (Pisteue) Believe ἔρχεται (erchetai) is coming ὥρα (hōra) an hour 179 ὅτε (hote) when οὔτε (oute) neither προσκυνήσετε (proskynēsete) you will worship πατρί (patri) the Father οἴδατε (oidate) you know ἡμεῖς (hēmeis) we προσκυνοῦμεν (proskynoumen) worship οἴδαμεν (oidamen) we know σωτηρία (sōtēria) salvation Ἰουδαίων (Ioudaiōn) the Jews ἀλλὰ (alla) but ἀληθινοὶ (alēthinoi) true προσκυνηταὶ (proskynētai) worshipers πνεύματι (pneumati) spirit 180 ἀληθείᾳ (alētheia) truth τοιούτους (toioutous) such ζητεῖ (zētei) seeks προσκυνοῦντας (proskynountas) worshiping πνεῦμα (pneuma) Spirit θεός (theos) God Οἶδα (Oida) I know Μεσσίας (Messias) Messiah λεγόμενος (legomenos) called Χριστός (Christos) Christ ὅταν (hotan) when ἔλθῃ (elthē) comes ἐκεῖνος (ekeinos) that one ἀναγγελεῖ (anangelei) he will declare 181 ἅπαντα (hapanta) all things Ἐγώ (Egō) I εἰμι (eimi) am λαλῶν (lalōn) speaking ἐπὶ (epi) upon τούτῳ (toutō) this ἦλθαν (ēlthan) came ἐθαύμαζον (ethaumazon) they marveled μετὰ (meta) with γυναικὸς (gynaikos) a woman ἐλάλει (elalei) he was speaking οὐδεὶς (oudeis) no one μέντοι (mentoi) however Τί (Ti) What 182 ζητεῖς (zēteis) do you seek ἢ (ē) or Τί (Ti) Why λαλεῖς (laleis) do you speak ἀφῆκεν (aphēken) left ὑδρίαν (hydrian) water jar αὐτῆς (autēs) of her ἀπῆλθεν (apēlthen) went away ἀνθρώποις (anthrōpois) to the men Δεῦτε (Deute) Come ἴδετε (idete) see ἄνθρωπον (anthrōpon) a man εἶπέν (eipen) told πάντα (panta) all things 183 ὅσα (hosa) whatever ἐποίησα (epoiēsa) I did μήτι (mēti) perhaps οὗτός (houtos) this ἐξῆλθον (exēlthon) they went out
